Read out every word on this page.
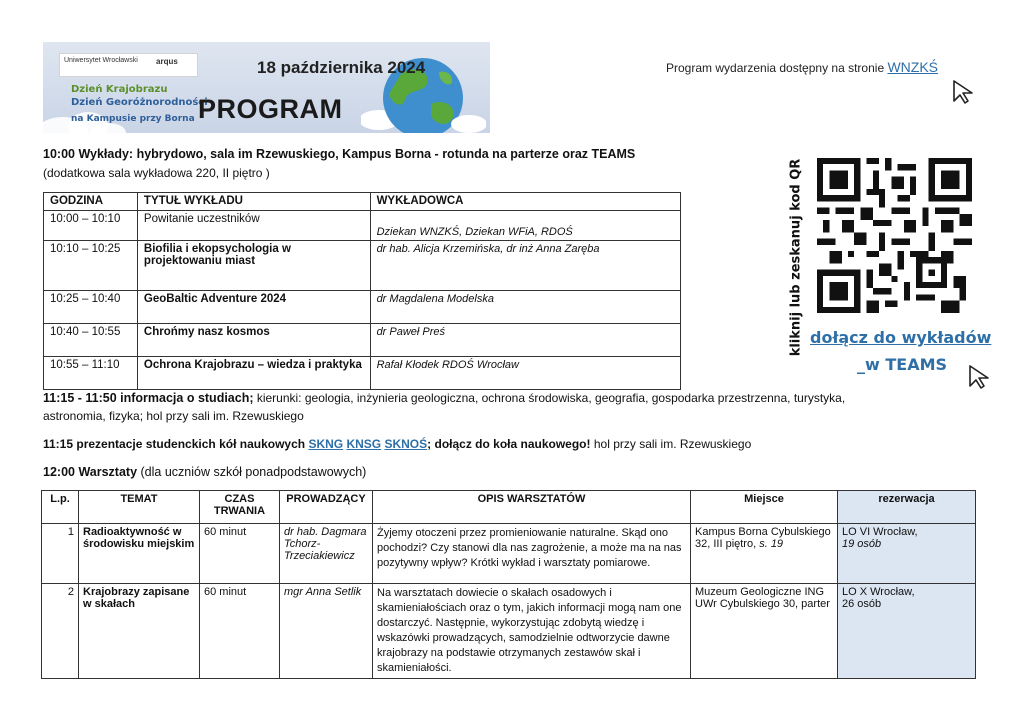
Uniwersytet Wrocławski arqus	18 października 2024
Dzień Krajobrazu
Dzień Georóżnorodności
na Kampusie przy Borna PROGRAM
Program wydarzenia dostępny na stronie WNZKŚ
kliknij lub zeskanuj kod QR dołącz do wykładów
_w TEAMS
10:00 Wykłady: hybrydowo, sala im Rzewuskiego, Kampus Borna - rotunda na parterze oraz TEAMS
(dodatkowa sala wykładowa 220, II piętro )
GODZINA	TYTUŁ WYKŁADU	WYKŁADOWCA
10:00 – 10:10	Powitanie uczestników	Dziekan WNZKŚ, Dziekan WFiA, RDOŚ
10:10 – 10:25	Biofilia i ekopsychologia w projektowaniu miast	dr hab. Alicja Krzemińska, dr inż Anna Zaręba
10:25 – 10:40	GeoBaltic Adventure 2024	dr Magdalena Modelska
10:40 – 10:55	Chrońmy nasz kosmos	dr Paweł Preś
10:55 – 11:10	Ochrona Krajobrazu – wiedza i praktyka	Rafał Kłodek RDOŚ Wrocław
11:15 - 11:50 informacja o studiach; kierunki: geologia, inżynieria geologiczna, ochrona środowiska, geografia, gospodarka przestrzenna, turystyka,
astronomia, fizyka; hol przy sali im. Rzewuskiego
11:15 prezentacje studenckich kół naukowych SKNG KNSG SKNOŚ; dołącz do koła naukowego! hol przy sali im. Rzewuskiego
12:00 Warsztaty (dla uczniów szkół ponadpodstawowych)
L.p.	TEMAT	CZAS TRWANIA	PROWADZĄCY	OPIS WARSZTATÓW	Miejsce	rezerwacja
1	Radioaktywność w środowisku miejskim	60 minut	dr hab. Dagmara Tchorz-Trzeciakiewicz	Żyjemy otoczeni przez promieniowanie naturalne. Skąd ono pochodzi? Czy stanowi dla nas zagrożenie, a może ma na nas pozytywny wpływ? Krótki wykład i warsztaty pomiarowe.	Kampus Borna Cybulskiego 32, III piętro, s. 19	LO VI Wrocław,
19 osób
2	Krajobrazy zapisane w skałach	60 minut	mgr Anna Setlik	Na warsztatach dowiecie o skałach osadowych i skamieniałościach oraz o tym, jakich informacji mogą nam one dostarczyć. Następnie, wykorzystując zdobytą wiedzę i wskazówki prowadzących, samodzielnie odtworzycie dawne krajobrazy na podstawie otrzymanych zestawów skał i skamieniałości.	Muzeum Geologiczne ING UWr Cybulskiego 30, parter	LO X Wrocław,
26 osób
